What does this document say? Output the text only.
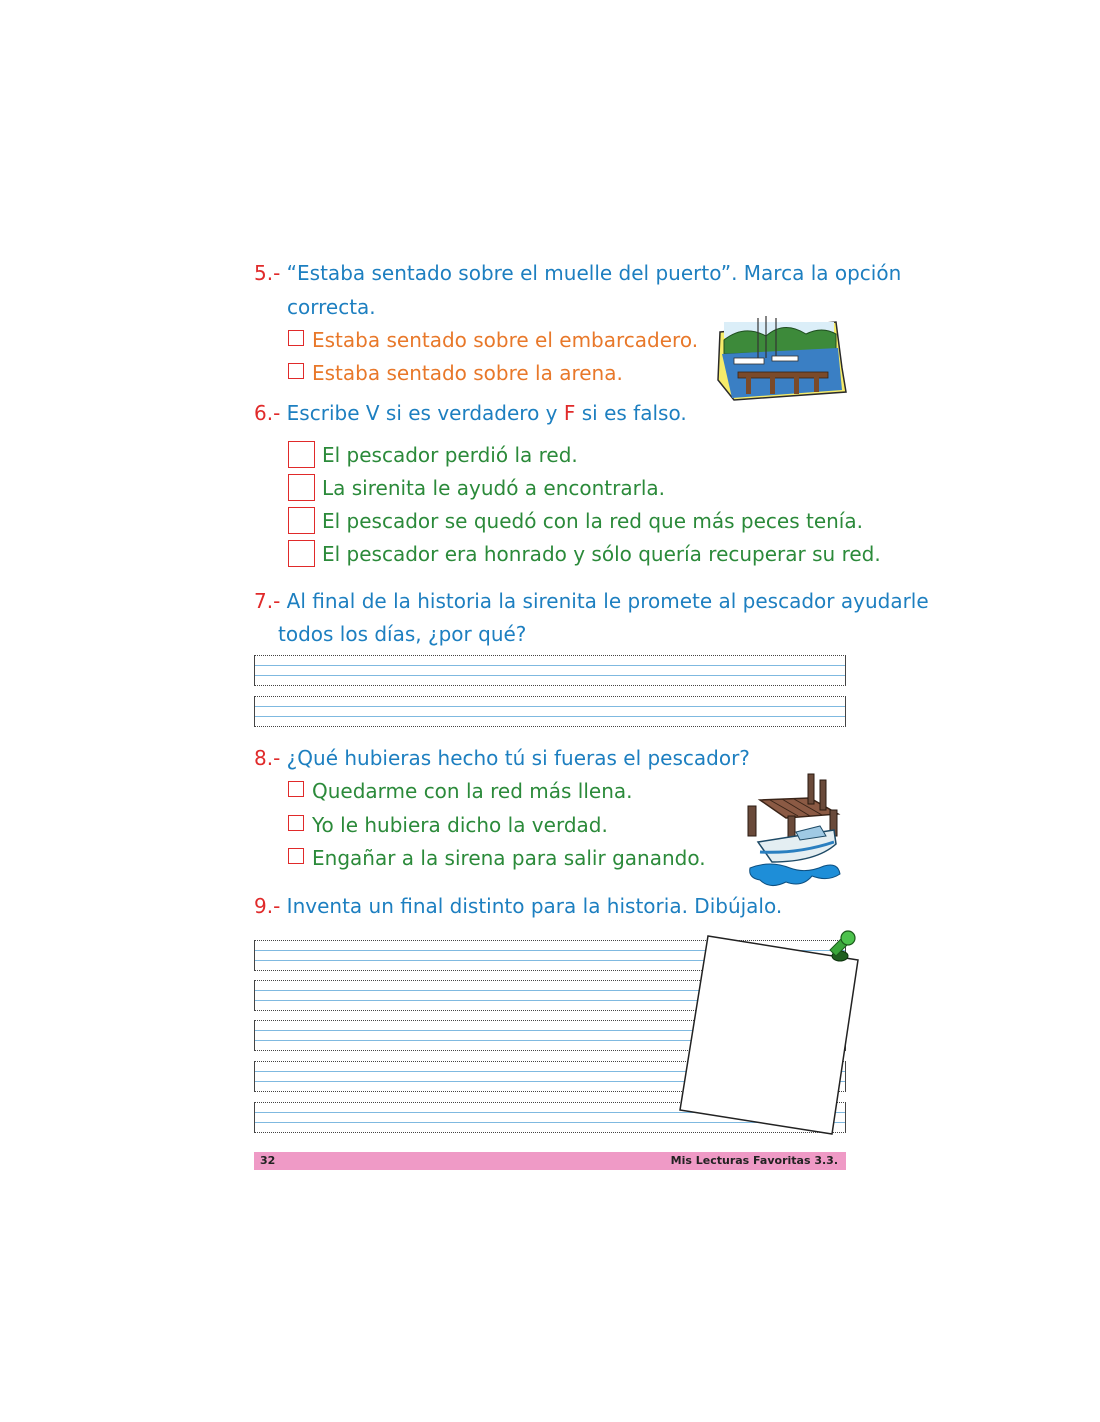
5.- “Estaba sentado sobre el muelle del puerto”. Marca la opción
correcta.
Estaba sentado sobre el embarcadero.
Estaba sentado sobre la arena.
6.- Escribe V si es verdadero y F si es falso.
El pescador perdió la red.
La sirenita le ayudó a encontrarla.
El pescador se quedó con la red que más peces tenía.
El pescador era honrado y sólo quería recuperar su red.
7.- Al final de la historia la sirenita le promete al pescador ayudarle
todos los días, ¿por qué?
8.- ¿Qué hubieras hecho tú si fueras el pescador?
Quedarme con la red más llena.
Yo le hubiera dicho la verdad.
Engañar a la sirena para salir ganando.
9.- Inventa un final distinto para la historia. Dibújalo.
32	Mis Lecturas Favoritas 3.3.
